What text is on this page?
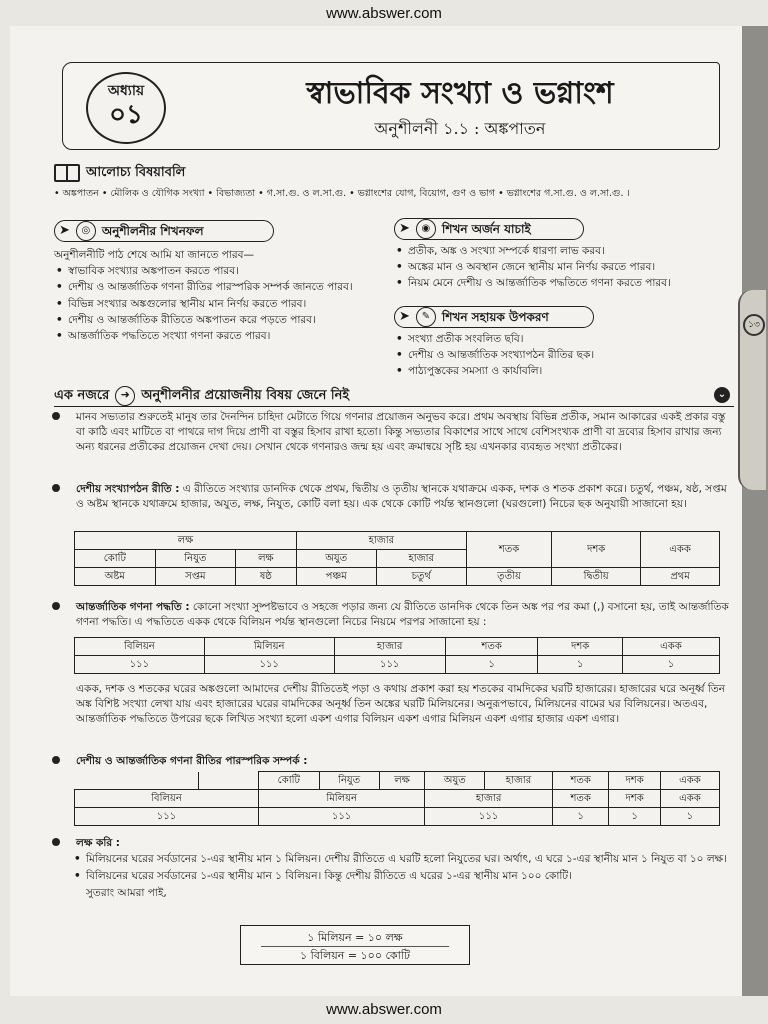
www.abswer.com
১৩
অধ্যায়
০১
স্বাভাবিক সংখ্যা ও ভগ্নাংশ
অনুশীলনী ১.১ : অঙ্কপাতন
আলোচ্য বিষয়াবলি
• অঙ্কপাতন • মৌলিক ও যৌগিক সংখ্যা • বিভাজ্যতা • গ.সা.গু. ও ল.সা.গু. • ভগ্নাংশের যোগ, বিয়োগ, গুণ ও ভাগ • ভগ্নাংশের গ.সা.গু. ও ল.সা.গু. ।
➤	◎ অনুশীলনীর শিখনফল

অনুশীলনীটি পাঠ শেষে আমি যা জানতে পারব—

• স্বাভাবিক সংখ্যার অঙ্কপাতন করতে পারব।

• দেশীয় ও আন্তর্জাতিক গণনা রীতির পারস্পরিক সম্পর্ক জানতে পারব।

• বিভিন্ন সংখ্যার অঙ্কগুলোর স্থানীয় মান নির্ণয় করতে পারব।

• দেশীয় ও আন্তর্জাতিক রীতিতে অঙ্কপাতন করে পড়তে পারব।

• আন্তর্জাতিক পদ্ধতিতে সংখ্যা গণনা করতে পারব।

➤	◉ শিখন অর্জন যাচাই

• প্রতীক, অঙ্ক ও সংখ্যা সম্পর্কে ধারণা লাভ করব।

• অঙ্কের মান ও অবস্থান জেনে স্থানীয় মান নির্ণয় করতে পারব।

• নিয়ম মেনে দেশীয় ও আন্তর্জাতিক পদ্ধতিতে গণনা করতে পারব।

➤	✎ শিখন সহায়ক উপকরণ

• সংখ্যা প্রতীক সংবলিত ছবি।

• দেশীয় ও আন্তর্জাতিক সংখ্যাপঠন রীতির ছক।

• পাঠ্যপুস্তকের সমস্যা ও কার্যাবলি।

এক নজরে	➜ অনুশীলনীর প্রয়োজনীয় বিষয় জেনে নিই	⌄
মানব সভ্যতার শুরুতেই মানুষ তার দৈনন্দিন চাহিদা মেটাতে গিয়ে গণনার প্রয়োজন অনুভব করে। প্রথম অবস্থায় বিভিন্ন প্রতীক, সমান আকারের একই প্রকার বস্তু বা কাঠি এবং মাটিতে বা পাথরে দাগ দিয়ে প্রাণী বা বস্তুর হিসাব রাখা হতো। কিন্তু সভ্যতার বিকাশের সাথে সাথে বেশিসংখ্যক প্রাণী বা দ্রব্যের হিসাব রাখার জন্য অন্য ধরনের প্রতীকের প্রয়োজন দেখা দেয়। সেখান থেকে গণনারও জন্ম হয় এবং ক্রমান্বয়ে সৃষ্টি হয় এখনকার ব্যবহৃত সংখ্যা প্রতীকের।
দেশীয় সংখ্যাপঠন রীতি : এ রীতিতে সংখ্যার ডানদিক থেকে প্রথম, দ্বিতীয় ও তৃতীয় স্থানকে যথাক্রমে একক, দশক ও শতক প্রকাশ করে। চতুর্থ, পঞ্চম, ষষ্ঠ, সপ্তম ও অষ্টম স্থানকে যথাক্রমে হাজার, অযুত, লক্ষ, নিযুত, কোটি বলা হয়। এক থেকে কোটি পর্যন্ত স্থানগুলো (ঘরগুলো) নিচের ছক অনুযায়ী সাজানো হয়।
লক্ষ			হাজার		শতক	দশক	একক
কোটি	নিযুত	লক্ষ	অযুত	হাজার			
অষ্টম	সপ্তম	ষষ্ঠ	পঞ্চম	চতুর্থ	তৃতীয়	দ্বিতীয়	প্রথম
আন্তর্জাতিক গণনা পদ্ধতি : কোনো সংখ্যা সুষ্পষ্টভাবে ও সহজে পড়ার জন্য যে রীতিতে ডানদিক থেকে তিন অঙ্ক পর পর কমা (,) বসানো হয়, তাই আন্তর্জাতিক গণনা পদ্ধতি। এ পদ্ধতিতে একক থেকে বিলিয়ন পর্যন্ত স্থানগুলো নিচের নিয়মে পরপর সাজানো হয় :
বিলিয়ন	মিলিয়ন	হাজার	শতক	দশক	একক
১১১	১১১	১১১	১	১	১
একক, দশক ও শতকের ঘরের অঙ্কগুলো আমাদের দেশীয় রীতিতেই পড়া ও কথায় প্রকাশ করা হয় শতকের বামদিকের ঘরটি হাজারের। হাজারের ঘরে অনূর্ধ্ব তিন অঙ্ক বিশিষ্ট সংখ্যা লেখা যায় এবং হাজারের ঘরের বামদিকের অনূর্ধ্ব তিন অঙ্কের ঘরটি মিলিয়নের। অনুরূপভাবে, মিলিয়নের বামের ঘর বিলিয়নের। অতএব, আন্তর্জাতিক পদ্ধতিতে উপরের ছকে লিখিত সংখ্যা হলো একশ এগার বিলিয়ন একশ এগার মিলিয়ন একশ এগার হাজার একশ এগার।
দেশীয় ও আন্তর্জাতিক গণনা রীতির পারস্পরিক সম্পর্ক :
		কোটি	নিযুত	লক্ষ	অযুত	হাজার	শতক	দশক	একক
বিলিয়ন		মিলিয়ন			হাজার		শতক	দশক	একক
১১১		১১১			১১১		১	১	১
লক্ষ করি :

• মিলিয়নের ঘরের সর্বডানের ১-এর স্থানীয় মান ১ মিলিয়ন। দেশীয় রীতিতে এ ঘরটি হলো নিযুতের ঘর। অর্থাৎ, এ ঘরে ১-এর স্থানীয় মান ১ নিযুত বা ১০ লক্ষ।

• বিলিয়নের ঘরের সর্বডানের ১-এর স্থানীয় মান ১ বিলিয়ন। কিন্তু দেশীয় রীতিতে এ ঘরের ১-এর স্থানীয় মান ১০০ কোটি।

সুতরাং আমরা পাই,

১ মিলিয়ন = ১০ লক্ষ
১ বিলিয়ন = ১০০ কোটি
www.abswer.com
